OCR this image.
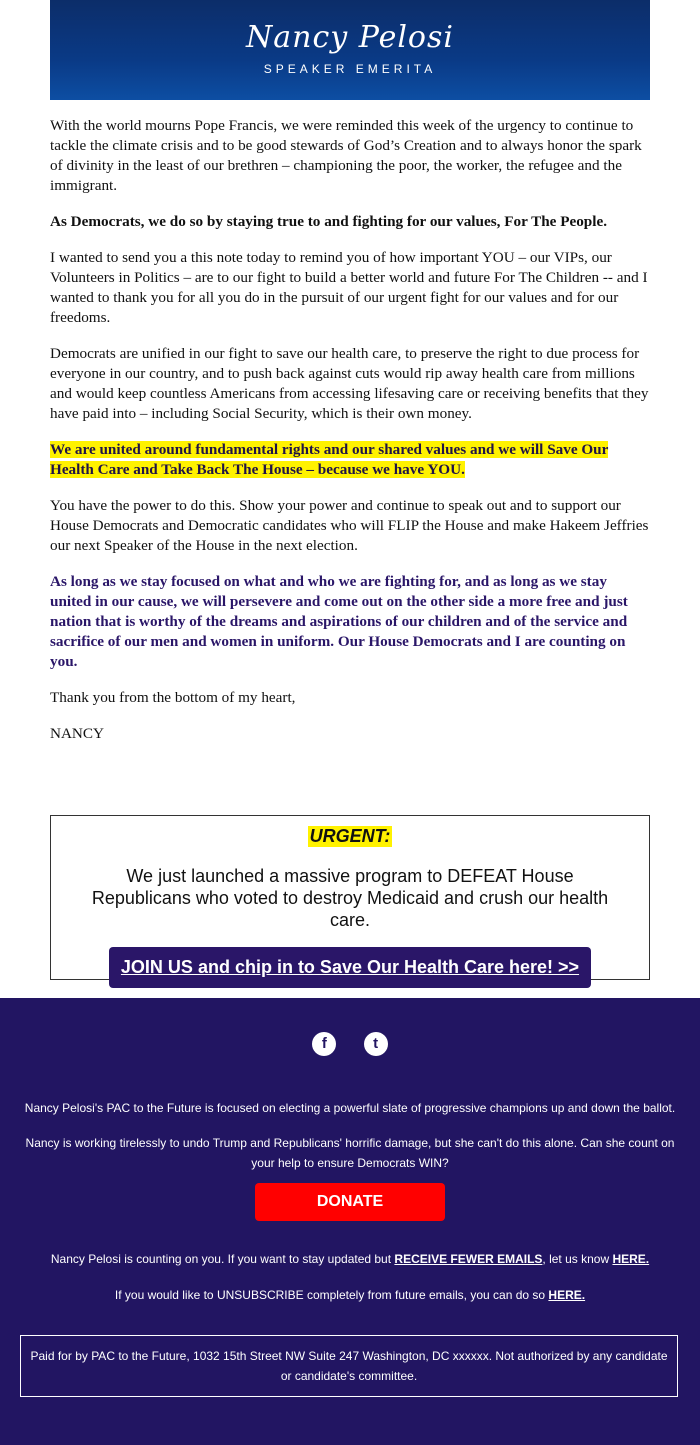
Nancy Pelosi
SPEAKER EMERITA

With the world mourns Pope Francis, we were reminded this week of the urgency to continue to tackle the climate crisis and to be good stewards of God’s Creation and to always honor the spark of divinity in the least of our brethren – championing the poor, the worker, the refugee and the immigrant.

As Democrats, we do so by staying true to and fighting for our values, For The People.

I wanted to send you a this note today to remind you of how important YOU – our VIPs, our Volunteers in Politics – are to our fight to build a better world and future For The Children -- and I wanted to thank you for all you do in the pursuit of our urgent fight for our values and for our freedoms.

Democrats are unified in our fight to save our health care, to preserve the right to due process for everyone in our country, and to push back against cuts would rip away health care from millions and would keep countless Americans from accessing lifesaving care or receiving benefits that they have paid into – including Social Security, which is their own money.

We are united around fundamental rights and our shared values and we will Save Our Health Care and Take Back The House – because we have YOU.

You have the power to do this. Show your power and continue to speak out and to support our House Democrats and Democratic candidates who will FLIP the House and make Hakeem Jeffries our next Speaker of the House in the next election.

As long as we stay focused on what and who we are fighting for, and as long as we stay united in our cause, we will persevere and come out on the other side a more free and just nation that is worthy of the dreams and aspirations of our children and of the service and sacrifice of our men and women in uniform. Our House Democrats and I are counting on you.

Thank you from the bottom of my heart,

NANCY

URGENT:
We just launched a massive program to DEFEAT House Republicans who voted to destroy Medicaid and crush our health care.
JOIN US and chip in to Save Our Health Care here! >>
f	t
Nancy Pelosi's PAC to the Future is focused on electing a powerful slate of progressive champions up and down the ballot.
Nancy is working tirelessly to undo Trump and Republicans' horrific damage, but she can't do this alone. Can she count on your help to ensure Democrats WIN?
DONATE
Nancy Pelosi is counting on you. If you want to stay updated but RECEIVE FEWER EMAILS, let us know HERE.
If you would like to UNSUBSCRIBE completely from future emails, you can do so HERE.
Paid for by PAC to the Future, 1032 15th Street NW Suite 247 Washington, DC xxxxxx. Not authorized by any candidate or candidate's committee.
